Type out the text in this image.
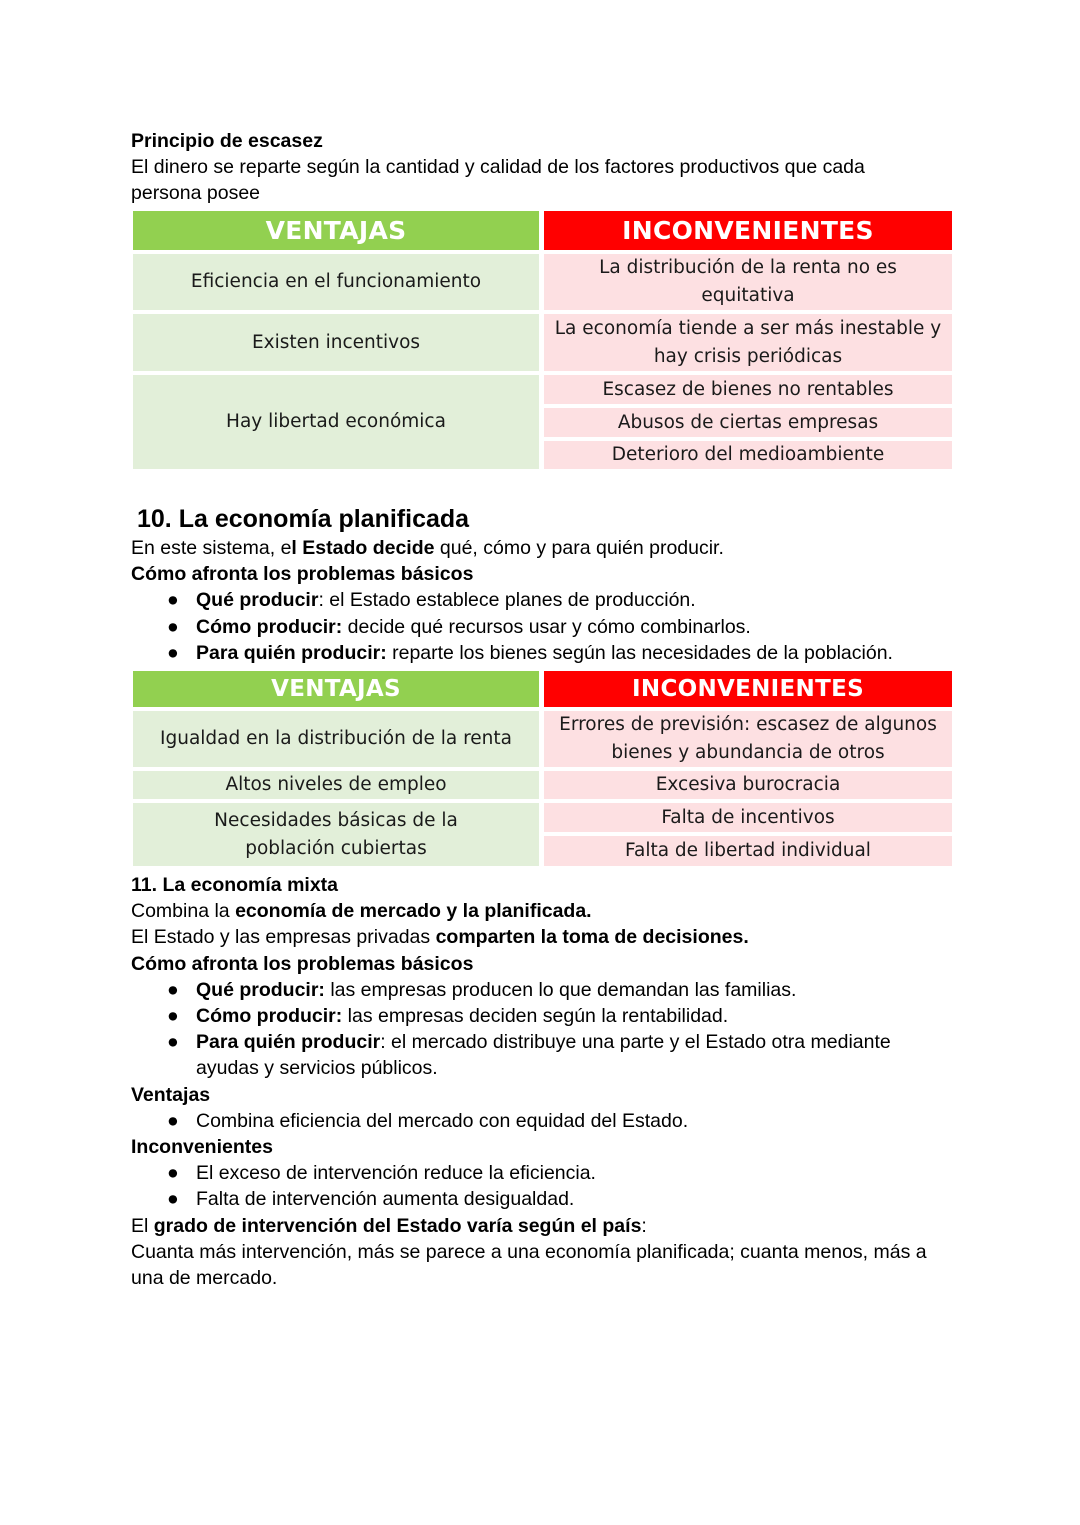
Principio de escasez

El dinero se reparte según la cantidad y calidad de los factores productivos que cada persona posee

VENTAJAS
Eficiencia en el funcionamiento
Existen incentivos
Hay libertad económica
INCONVENIENTES
La distribución de la renta no es equitativa
La economía tiende a ser más inestable y hay crisis periódicas
Escasez de bienes no rentables
Abusos de ciertas empresas
Deterioro del medioambiente
10. La economía planificada

En este sistema, el Estado decide qué, cómo y para quién producir.

Cómo afronta los problemas básicos

● Qué producir: el Estado establece planes de producción.
● Cómo producir: decide qué recursos usar y cómo combinarlos.
● Para quién producir: reparte los bienes según las necesidades de la población.
VENTAJAS
Igualdad en la distribución de la renta
Altos niveles de empleo
Necesidades básicas de la población cubiertas
INCONVENIENTES
Errores de previsión: escasez de algunos bienes y abundancia de otros
Excesiva burocracia
Falta de incentivos
Falta de libertad individual

11. La economía mixta

Combina la economía de mercado y la planificada.

El Estado y las empresas privadas comparten la toma de decisiones.

Cómo afronta los problemas básicos

● Qué producir: las empresas producen lo que demandan las familias.
● Cómo producir: las empresas deciden según la rentabilidad.
● Para quién producir: el mercado distribuye una parte y el Estado otra mediante ayudas y servicios públicos.

Ventajas

● Combina eficiencia del mercado con equidad del Estado.

Inconvenientes

● El exceso de intervención reduce la eficiencia.
● Falta de intervención aumenta desigualdad.

El grado de intervención del Estado varía según el país:

Cuanta más intervención, más se parece a una economía planificada; cuanta menos, más a una de mercado.
